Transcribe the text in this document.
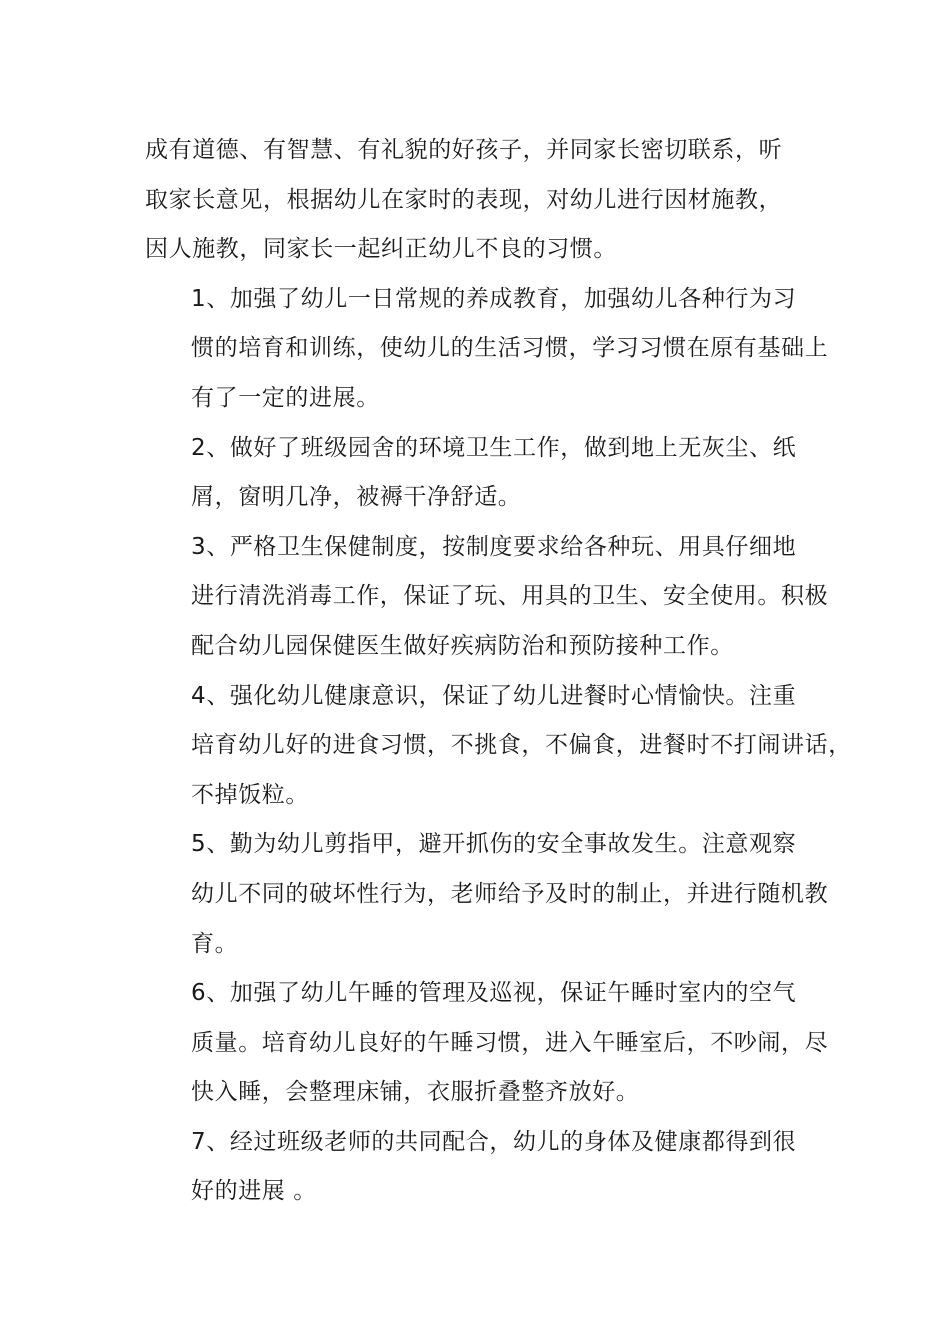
成有道德、有智慧、有礼貌的好孩子，并同家长密切联系，听
取家长意见，根据幼儿在家时的表现，对幼儿进行因材施教，
因人施教，同家长一起纠正幼儿不良的习惯。

1、加强了幼儿一日常规的养成教育，加强幼儿各种行为习
惯的培育和训练，使幼儿的生活习惯，学习习惯在原有基础上
有了一定的进展。

2、做好了班级园舍的环境卫生工作，做到地上无灰尘、纸
屑，窗明几净，被褥干净舒适。

3、严格卫生保健制度，按制度要求给各种玩、用具仔细地
进行清洗消毒工作，保证了玩、用具的卫生、安全使用。积极
配合幼儿园保健医生做好疾病防治和预防接种工作。

4、强化幼儿健康意识，保证了幼儿进餐时心情愉快。注重
培育幼儿好的进食习惯，不挑食，不偏食，进餐时不打闹讲话，
不掉饭粒。

5、勤为幼儿剪指甲，避开抓伤的安全事故发生。注意观察
幼儿不同的破坏性行为，老师给予及时的制止，并进行随机教
育。

6、加强了幼儿午睡的管理及巡视，保证午睡时室内的空气
质量。培育幼儿良好的午睡习惯，进入午睡室后，不吵闹，尽
快入睡，会整理床铺，衣服折叠整齐放好。

7、经过班级老师的共同配合，幼儿的身体及健康都得到很
好的进展 。
